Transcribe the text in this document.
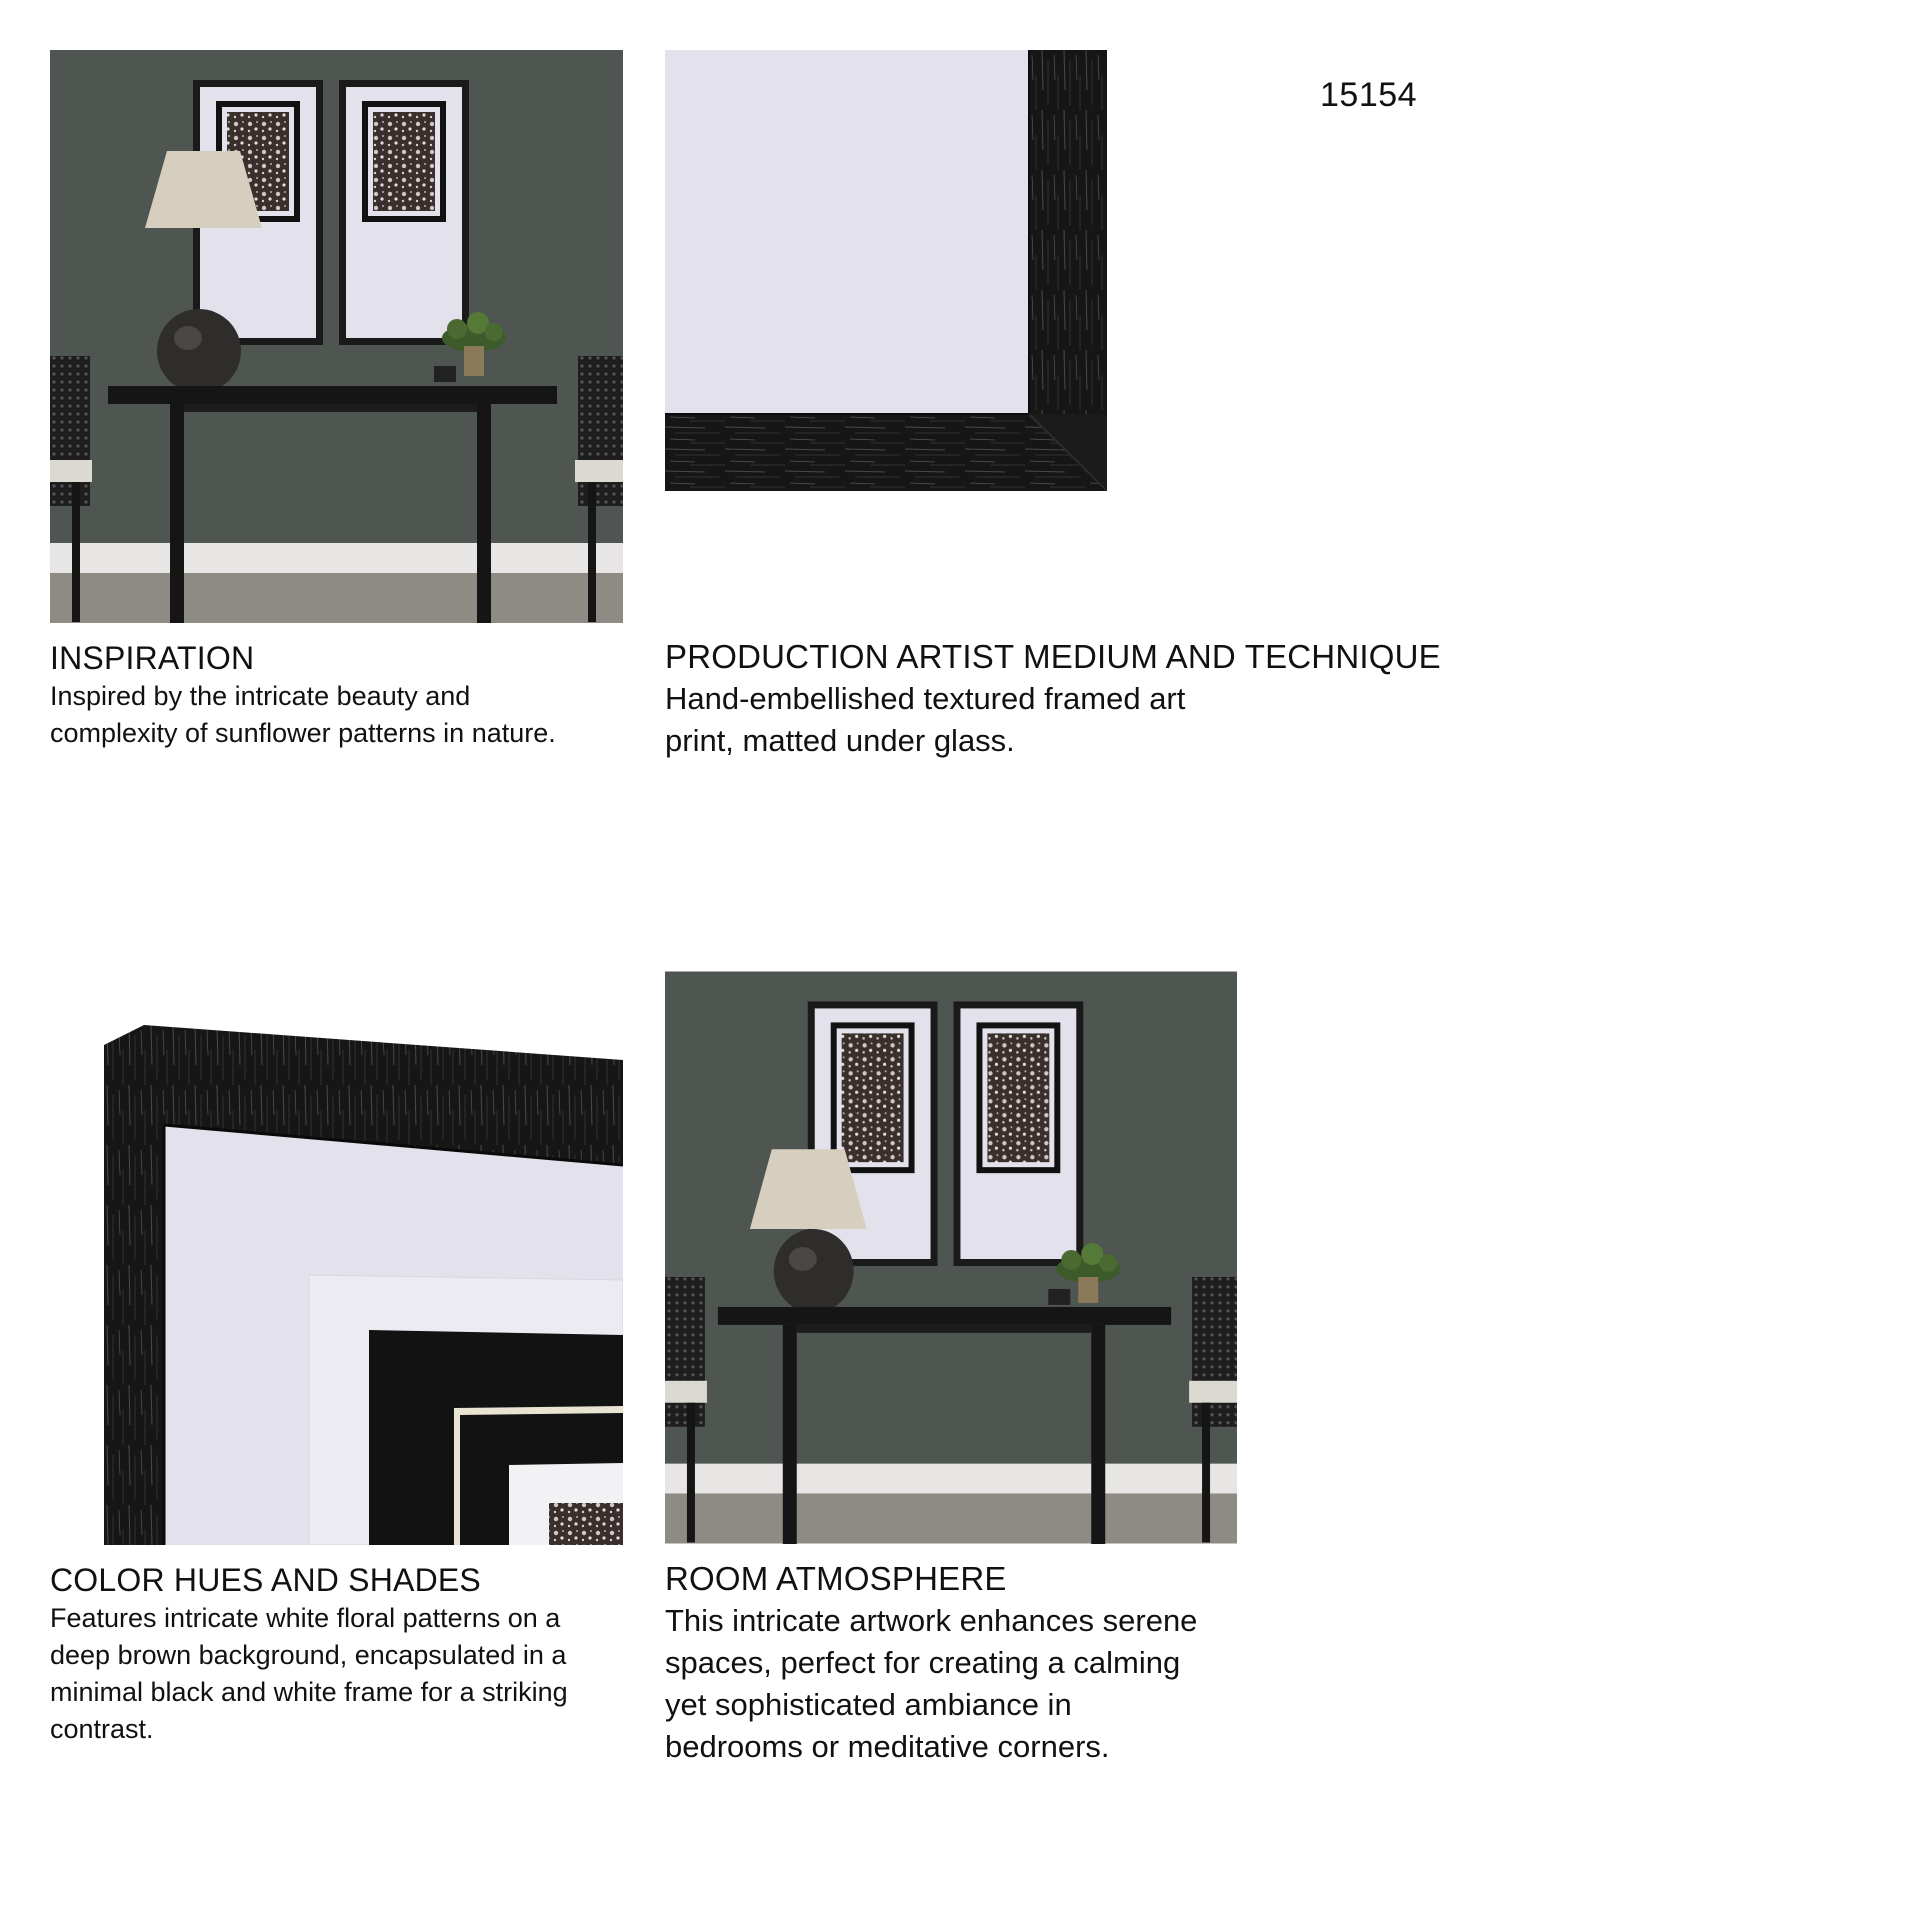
15154
INSPIRATION

Inspired by the intricate beauty and

complexity of sunflower patterns in nature.

PRODUCTION ARTIST MEDIUM AND TECHNIQUE

Hand-embellished textured framed art

print, matted under glass.

COLOR HUES AND SHADES

Features intricate white floral patterns on a

deep brown background, encapsulated in a

minimal black and white frame for a striking

contrast.

ROOM ATMOSPHERE

This intricate artwork enhances serene

spaces, perfect for creating a calming

yet sophisticated ambiance in

bedrooms or meditative corners.
